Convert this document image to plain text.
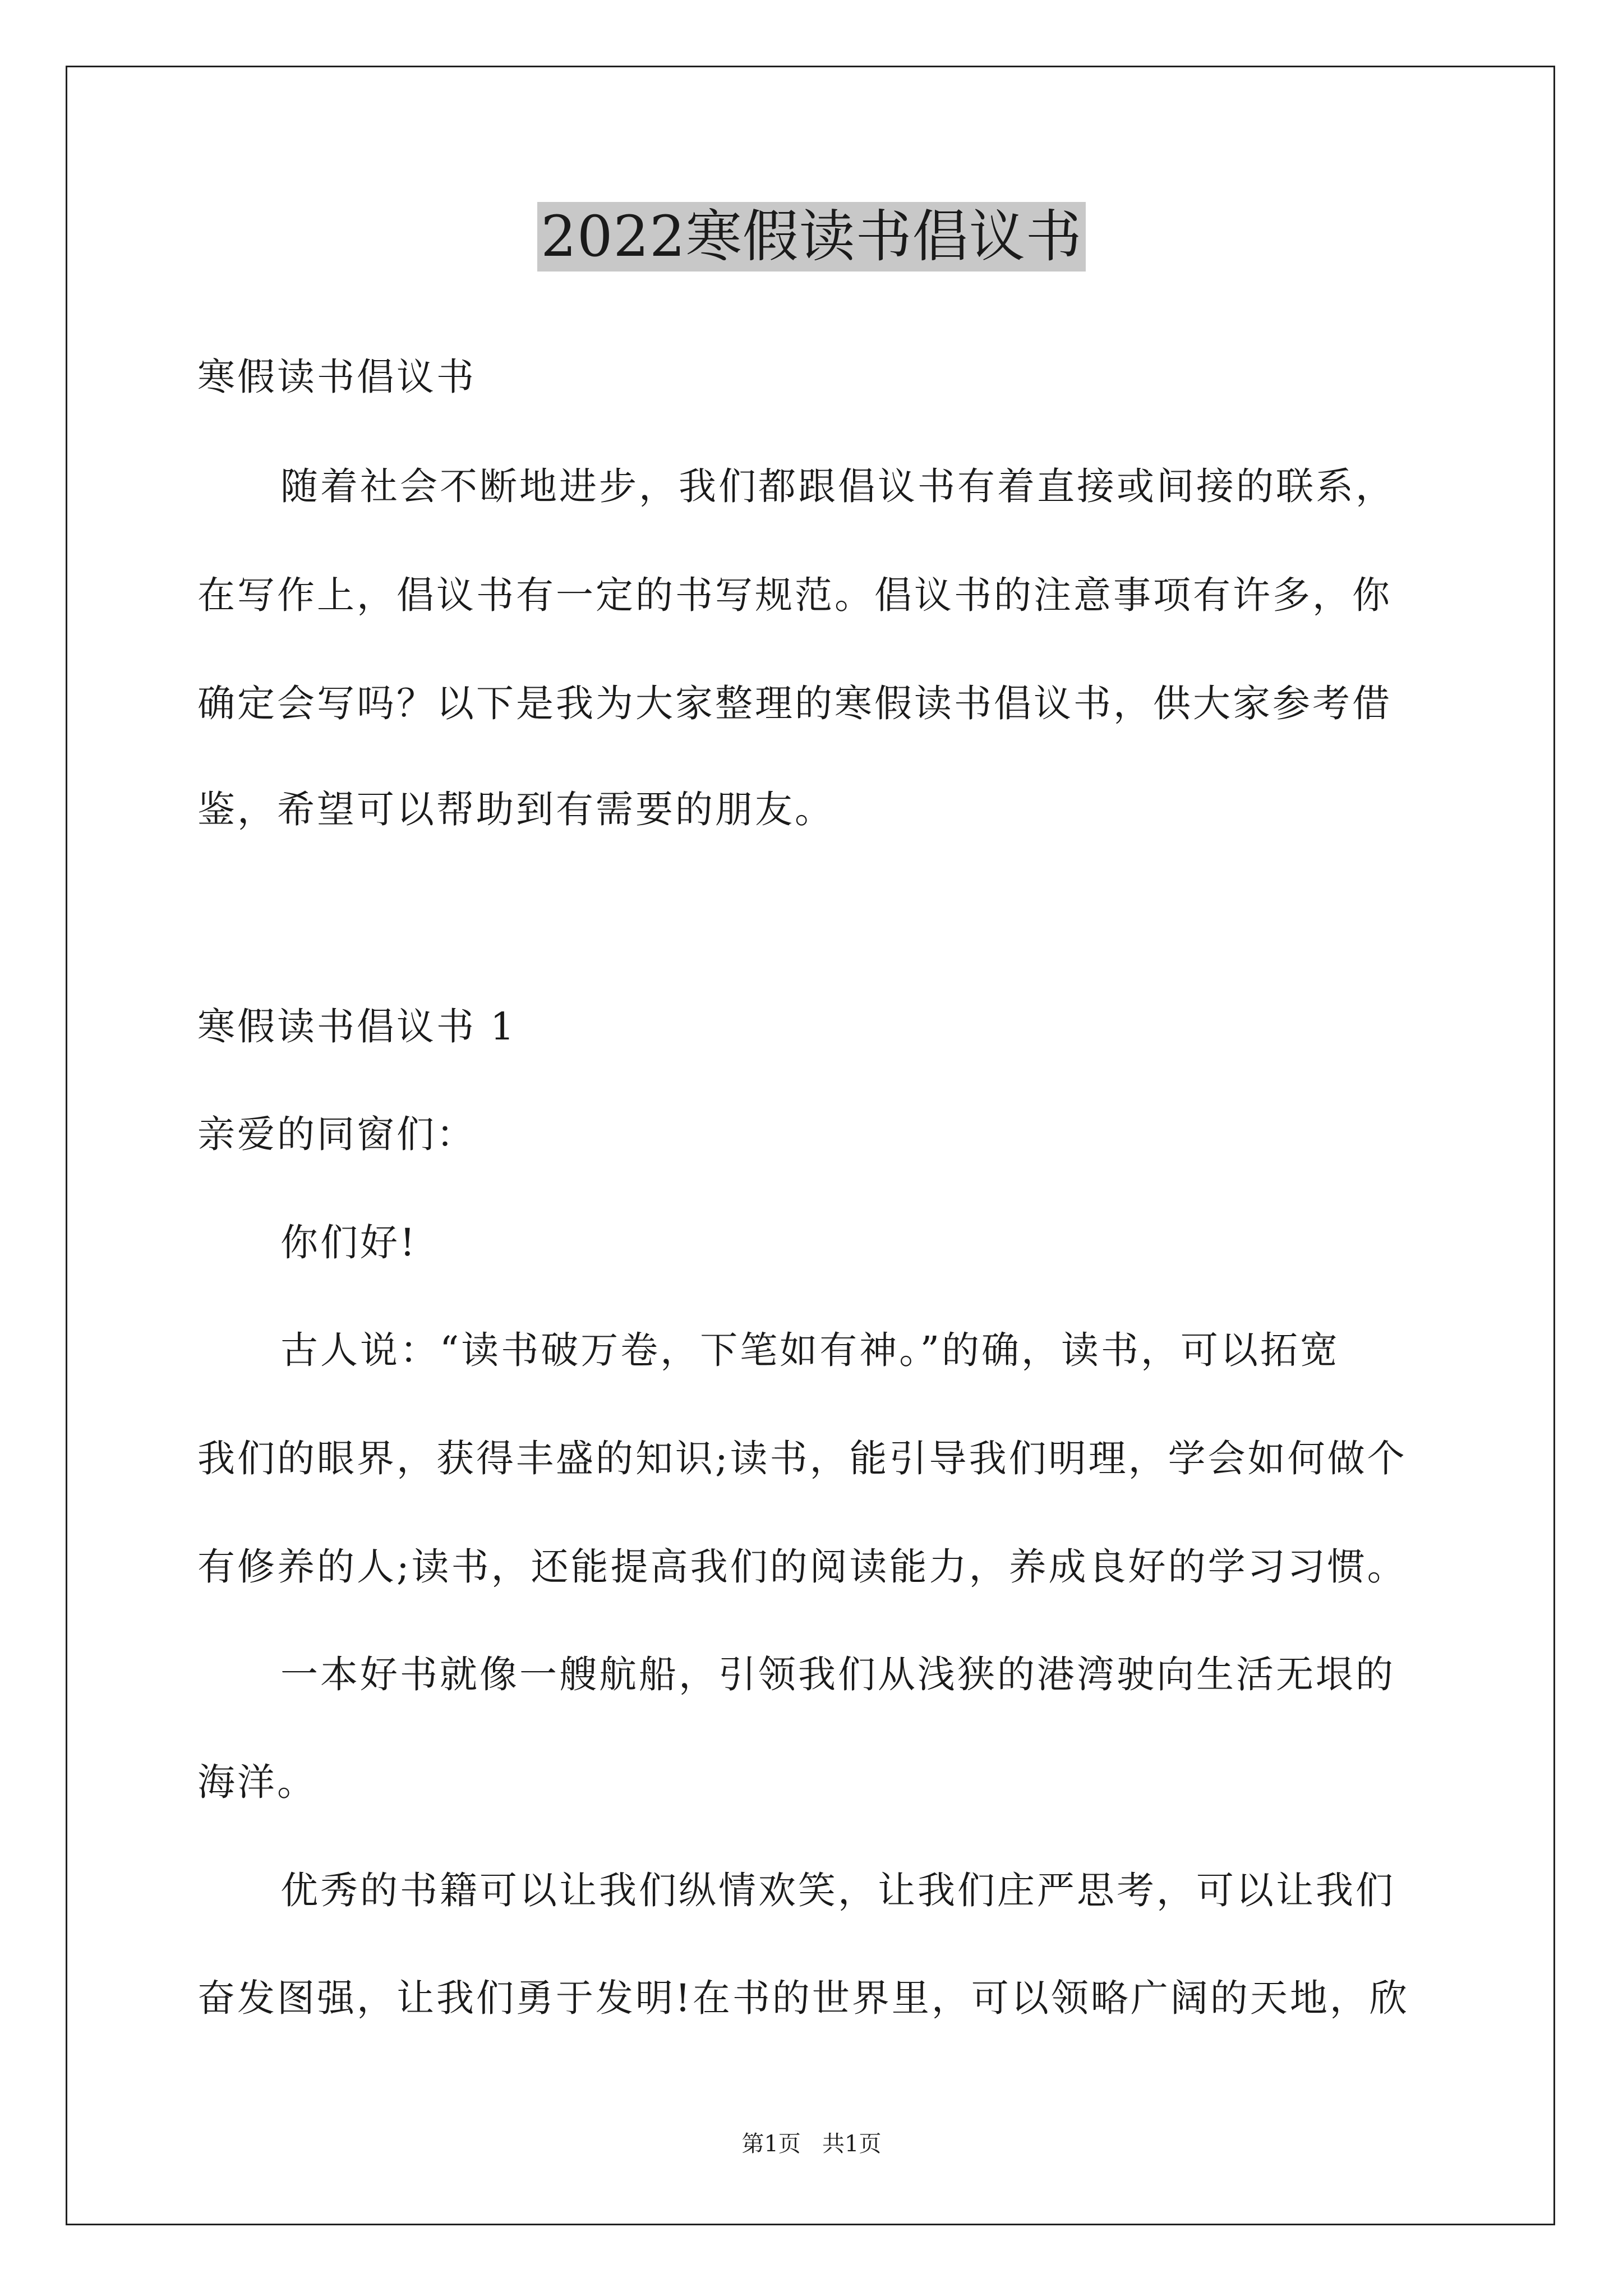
2022寒假读书倡议书
寒假读书倡议书
随着社会不断地进步，我们都跟倡议书有着直接或间接的联系，
在写作上，倡议书有一定的书写规范。倡议书的注意事项有许多，你
确定会写吗？以下是我为大家整理的寒假读书倡议书，供大家参考借
鉴，希望可以帮助到有需要的朋友。
寒假读书倡议书 1
亲爱的同窗们：
你们好!
古人说：“读书破万卷，下笔如有神。”的确，读书，可以拓宽
我们的眼界，获得丰盛的知识;读书，能引导我们明理，学会如何做个
有修养的人;读书，还能提高我们的阅读能力，养成良好的学习习惯。
一本好书就像一艘航船，引领我们从浅狭的港湾驶向生活无垠的
海洋。
优秀的书籍可以让我们纵情欢笑，让我们庄严思考，可以让我们
奋发图强，让我们勇于发明!在书的世界里，可以领略广阔的天地，欣
第1页   共1页
